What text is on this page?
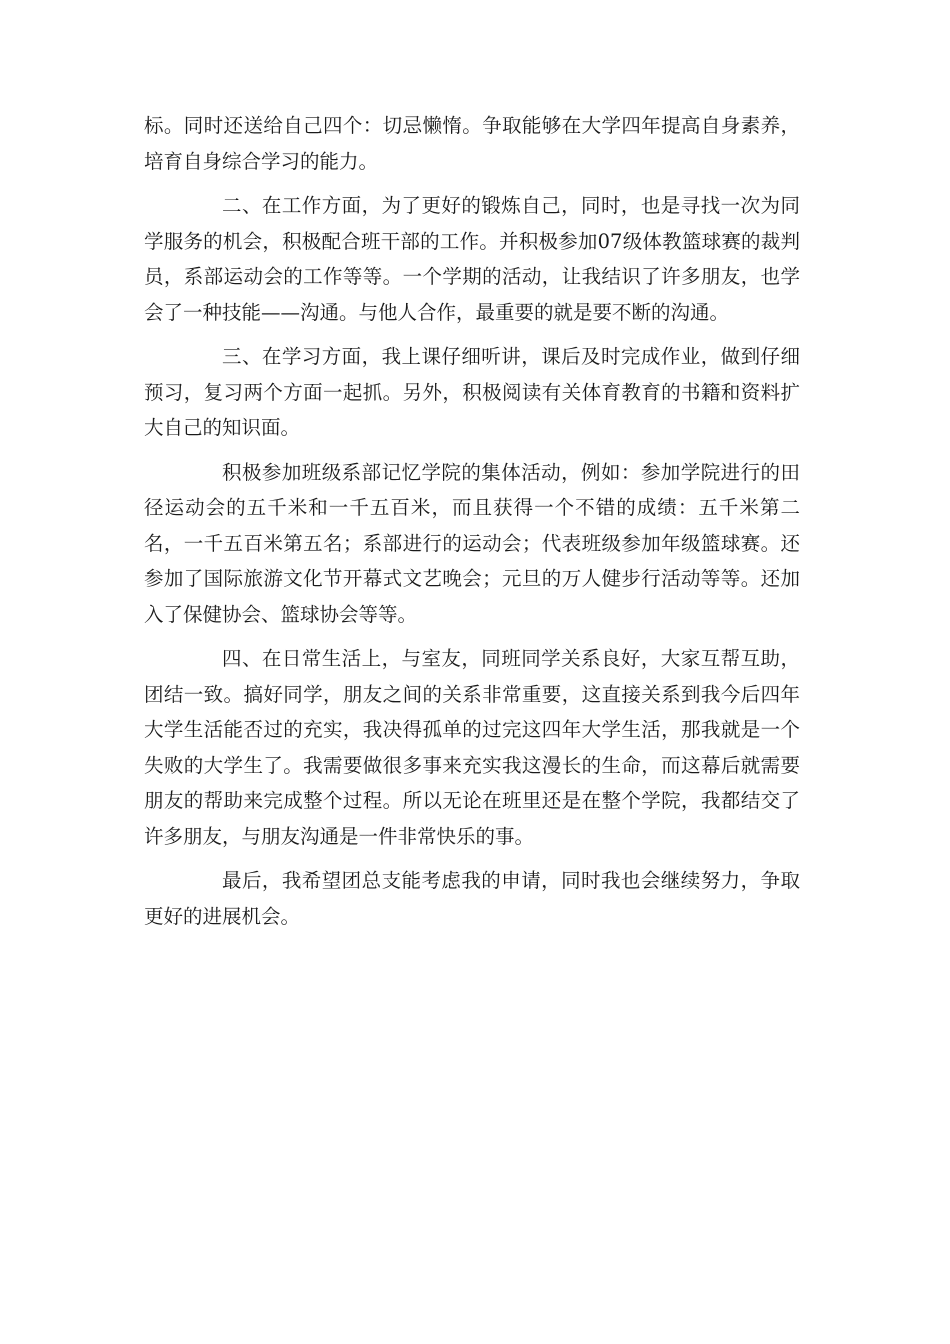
标。同时还送给自己四个：切忌懒惰。争取能够在大学四年提高自身素养，培育自身综合学习的能力。

二、在工作方面，为了更好的锻炼自己，同时，也是寻找一次为同学服务的机会，积极配合班干部的工作。并积极参加07级体教篮球赛的裁判员，系部运动会的工作等等。一个学期的活动，让我结识了许多朋友，也学会了一种技能——沟通。与他人合作，最重要的就是要不断的沟通。

三、在学习方面，我上课仔细听讲，课后及时完成作业，做到仔细预习，复习两个方面一起抓。另外，积极阅读有关体育教育的书籍和资料扩大自己的知识面。

积极参加班级系部记忆学院的集体活动，例如：参加学院进行的田径运动会的五千米和一千五百米，而且获得一个不错的成绩：五千米第二名，一千五百米第五名；系部进行的运动会；代表班级参加年级篮球赛。还参加了国际旅游文化节开幕式文艺晚会；元旦的万人健步行活动等等。还加入了保健协会、篮球协会等等。

四、在日常生活上，与室友，同班同学关系良好，大家互帮互助，团结一致。搞好同学，朋友之间的关系非常重要，这直接关系到我今后四年大学生活能否过的充实，我决得孤单的过完这四年大学生活，那我就是一个失败的大学生了。我需要做很多事来充实我这漫长的生命，而这幕后就需要朋友的帮助来完成整个过程。所以无论在班里还是在整个学院，我都结交了许多朋友，与朋友沟通是一件非常快乐的事。

最后，我希望团总支能考虑我的申请，同时我也会继续努力，争取更好的进展机会。
